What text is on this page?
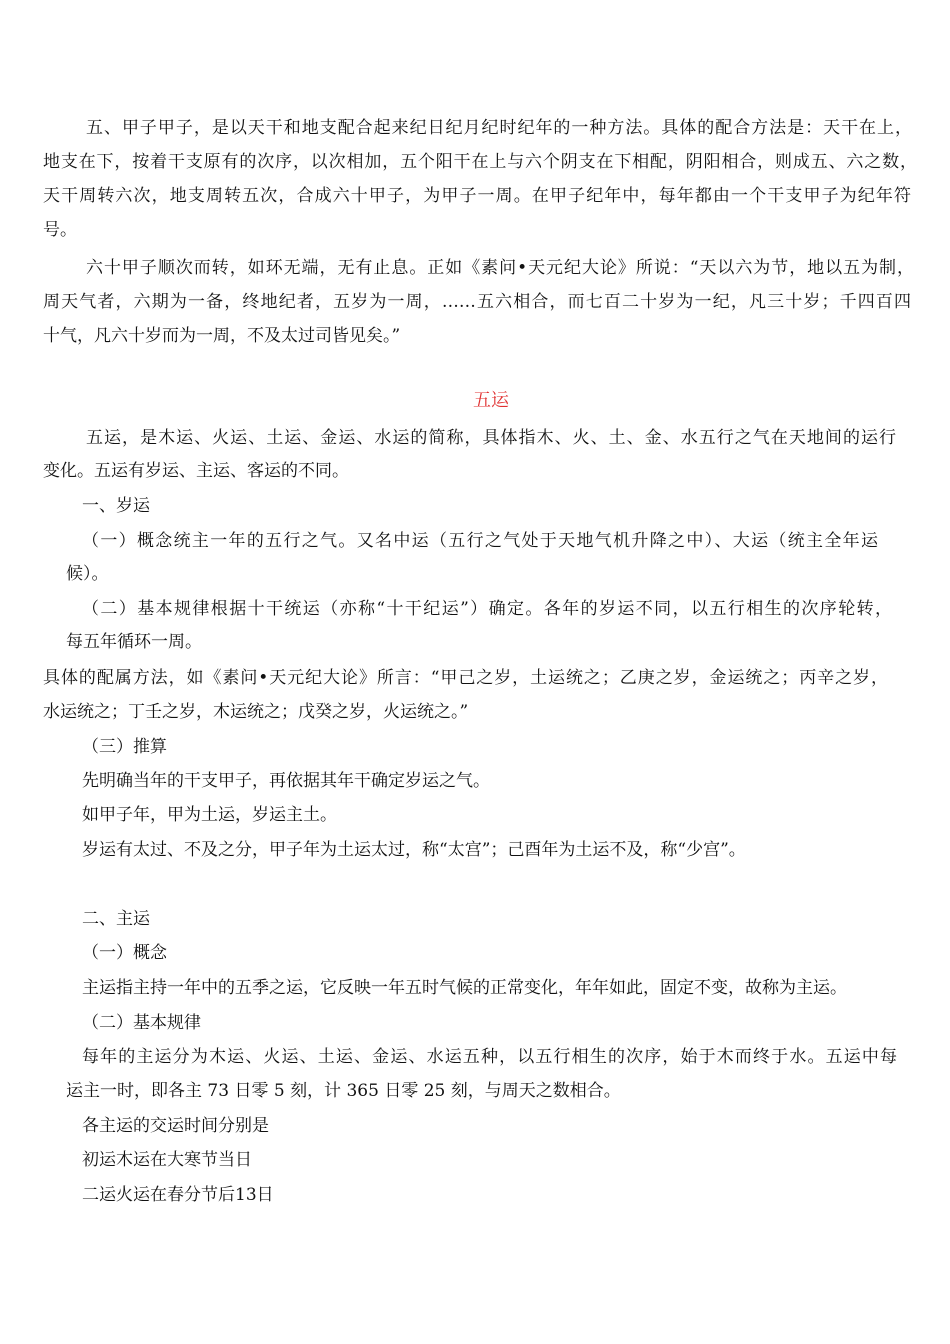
五、甲子甲子，是以天干和地支配合起来纪日纪月纪时纪年的一种方法。具体的配合方法是：天干在上，
地支在下，按着干支原有的次序，以次相加，五个阳干在上与六个阴支在下相配，阴阳相合，则成五、六之数，
天干周转六次，地支周转五次，合成六十甲子，为甲子一周。在甲子纪年中，每年都由一个干支甲子为纪年符
号。
六十甲子顺次而转，如环无端，无有止息。正如《素问•天元纪大论》所说：“天以六为节，地以五为制，
周天气者，六期为一备，终地纪者，五岁为一周，……五六相合，而七百二十岁为一纪，凡三十岁；千四百四
十气，凡六十岁而为一周，不及太过司皆见矣。”
五运
五运，是木运、火运、土运、金运、水运的简称，具体指木、火、土、金、水五行之气在天地间的运行
变化。五运有岁运、主运、客运的不同。
一、岁运
（一）概念统主一年的五行之气。又名中运（五行之气处于天地气机升降之中）、大运（统主全年运
候）。
（二）基本规律根据十干统运（亦称“十干纪运”）确定。各年的岁运不同，以五行相生的次序轮转，
每五年循环一周。
具体的配属方法，如《素问•天元纪大论》所言：“甲己之岁，土运统之；乙庚之岁，金运统之；丙辛之岁，
水运统之；丁壬之岁，木运统之；戊癸之岁，火运统之。”
（三）推算
先明确当年的干支甲子，再依据其年干确定岁运之气。
如甲子年，甲为土运，岁运主土。
岁运有太过、不及之分，甲子年为土运太过，称“太宫”；己酉年为土运不及，称“少宫”。
二、主运
（一）概念
主运指主持一年中的五季之运，它反映一年五时气候的正常变化，年年如此，固定不变，故称为主运。
（二）基本规律
每年的主运分为木运、火运、土运、金运、水运五种，以五行相生的次序，始于木而终于水。五运中每
运主一时，即各主 73 日零 5 刻，计 365 日零 25 刻，与周天之数相合。
各主运的交运时间分别是
初运木运在大寒节当日
二运火运在春分节后13日
